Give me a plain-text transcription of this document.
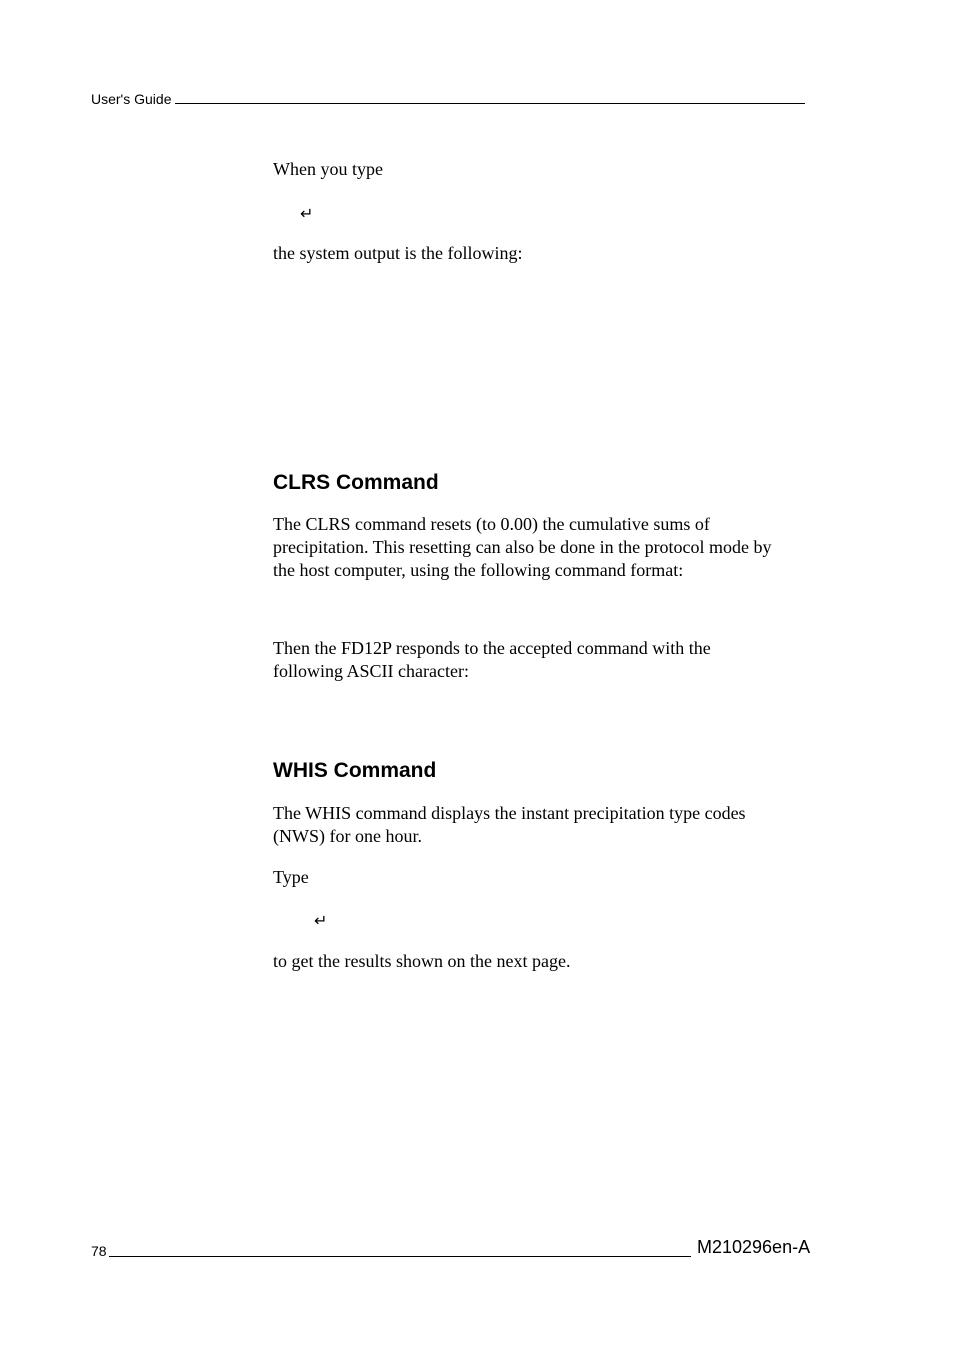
User's Guide
When you type
↵
the system output is the following:
CLRS Command
The CLRS command resets (to 0.00) the cumulative sums of
precipitation. This resetting can also be done in the protocol mode by
the host computer, using the following command format:
Then the FD12P responds to the accepted command with the
following ASCII character:
WHIS Command
The WHIS command displays the instant precipitation type codes
(NWS) for one hour.
Type
↵
to get the results shown on the next page.
78	M210296en-A
